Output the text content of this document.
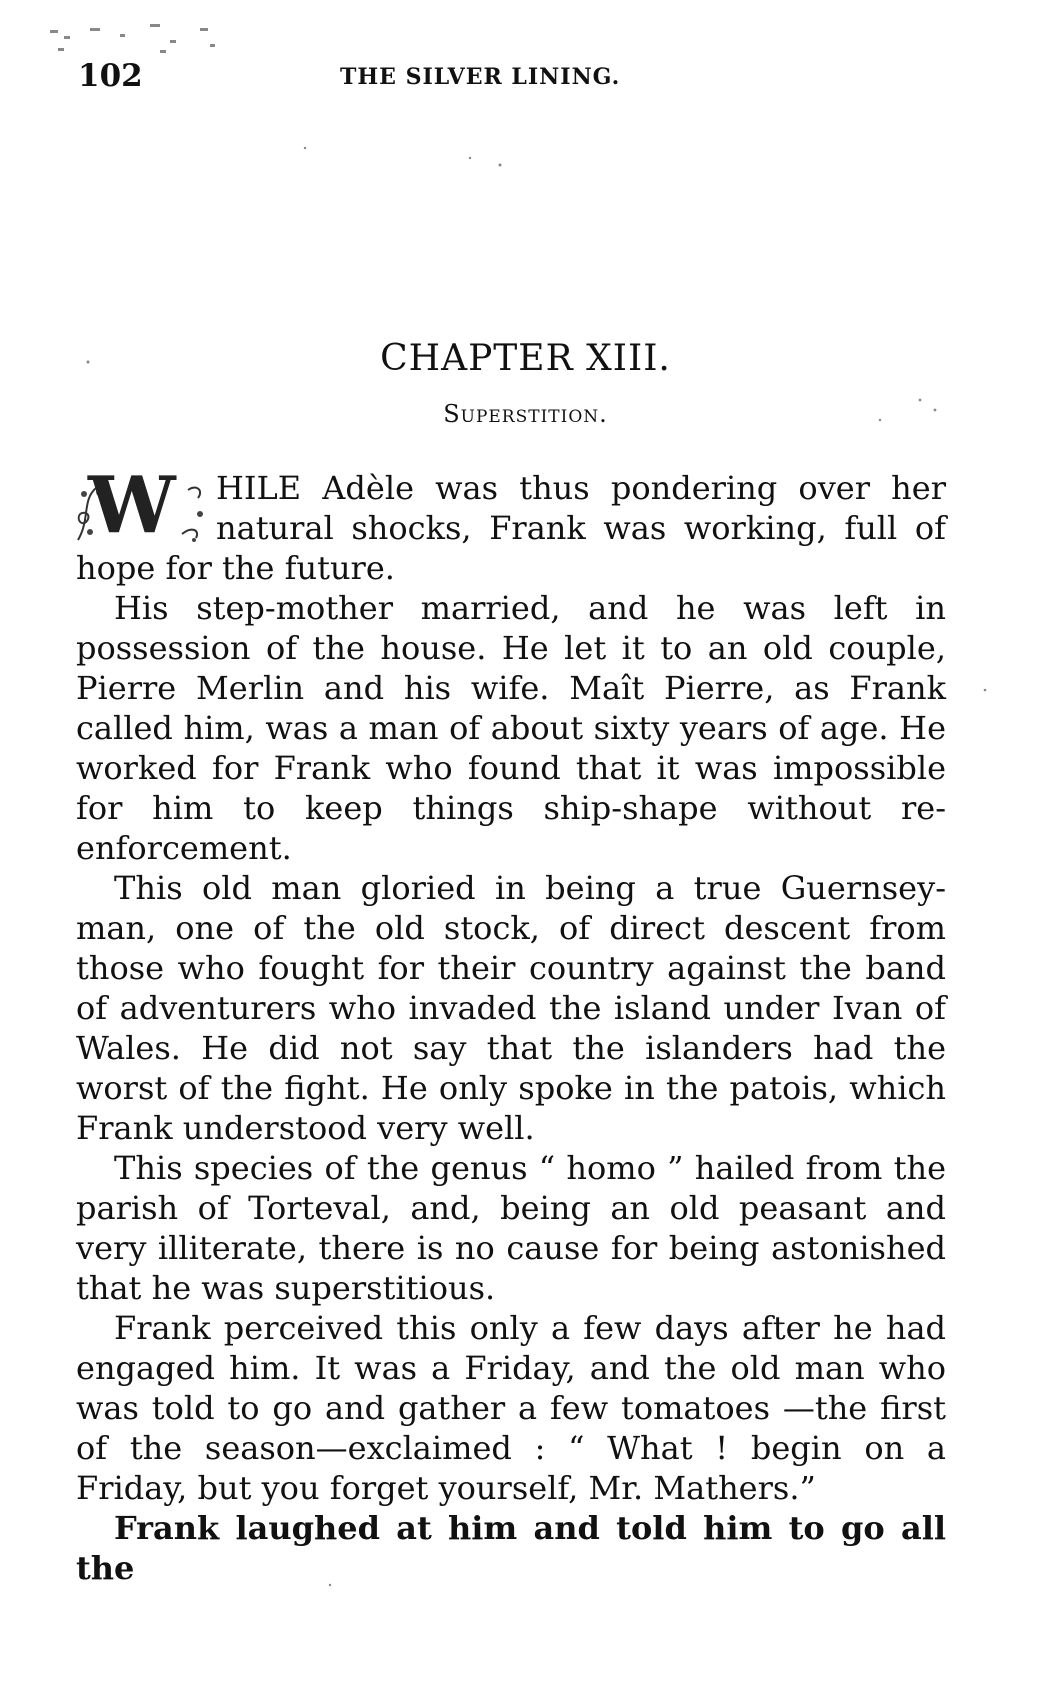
102	THE SILVER LINING.
CHAPTER XIII.
Superstition.

W HILE Adèle was thus pondering over her natural shocks, Frank was working, full of hope for the future.

His step-mother married, and he was left in possession of the house. He let it to an old couple, Pierre Merlin and his wife. Maît Pierre, as Frank called him, was a man of about sixty years of age. He worked for Frank who found that it was impossible for him to keep things ship-shape without re-enforcement.

This old man gloried in being a true Guernsey-man, one of the old stock, of direct descent from those who fought for their country against the band of adventurers who invaded the island under Ivan of Wales. He did not say that the islanders had the worst of the fight. He only spoke in the patois, which Frank understood very well.

This species of the genus “ homo ” hailed from the parish of Torteval, and, being an old peasant and very illiterate, there is no cause for being astonished that he was superstitious.

Frank perceived this only a few days after he had engaged him. It was a Friday, and the old man who was told to go and gather a few tomatoes —the first of the season—exclaimed : “ What ! begin on a Friday, but you forget yourself, Mr. Mathers.”

Frank laughed at him and told him to go all the
